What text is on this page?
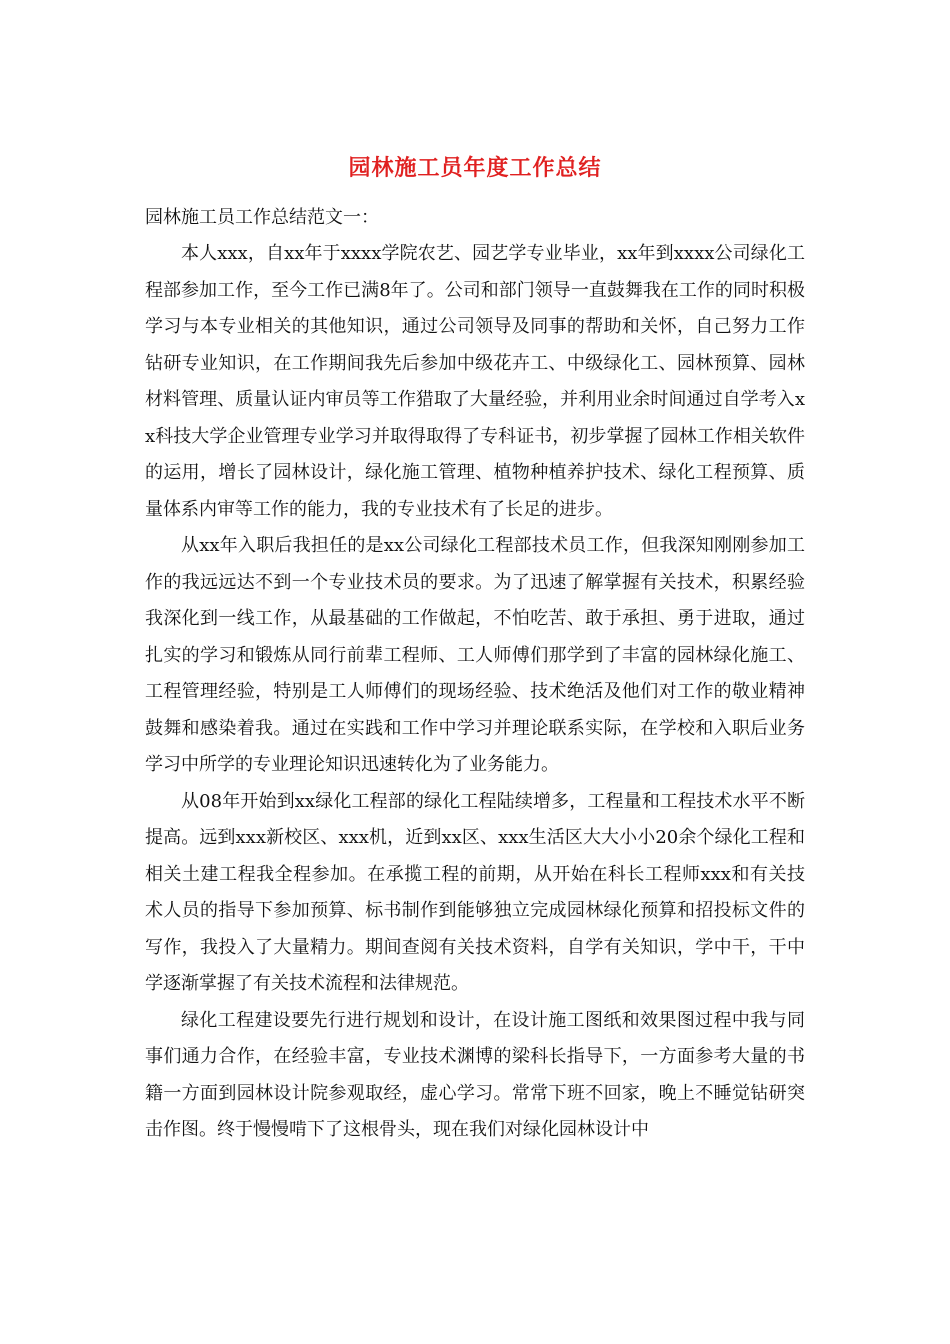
园林施工员年度工作总结

园林施工员工作总结范文一：

本人xxx，自xx年于xxxx学院农艺、园艺学专业毕业，xx年到xxxx公司绿化工程部参加工作，至今工作已满8年了。公司和部门领导一直鼓舞我在工作的同时积极学习与本专业相关的其他知识，通过公司领导及同事的帮助和关怀，自己努力工作钻研专业知识，在工作期间我先后参加中级花卉工、中级绿化工、园林预算、园林材料管理、质量认证内审员等工作猎取了大量经验，并利用业余时间通过自学考入xx科技大学企业管理专业学习并取得取得了专科证书，初步掌握了园林工作相关软件的运用，增长了园林设计，绿化施工管理、植物种植养护技术、绿化工程预算、质量体系内审等工作的能力，我的专业技术有了长足的进步。

从xx年入职后我担任的是xx公司绿化工程部技术员工作，但我深知刚刚参加工作的我远远达不到一个专业技术员的要求。为了迅速了解掌握有关技术，积累经验我深化到一线工作，从最基础的工作做起，不怕吃苦、敢于承担、勇于进取，通过扎实的学习和锻炼从同行前辈工程师、工人师傅们那学到了丰富的园林绿化施工、工程管理经验，特别是工人师傅们的现场经验、技术绝活及他们对工作的敬业精神鼓舞和感染着我。通过在实践和工作中学习并理论联系实际，在学校和入职后业务学习中所学的专业理论知识迅速转化为了业务能力。

从08年开始到xx绿化工程部的绿化工程陆续增多，工程量和工程技术水平不断提高。远到xxx新校区、xxx机，近到xx区、xxx生活区大大小小20余个绿化工程和相关土建工程我全程参加。在承揽工程的前期，从开始在科长工程师xxx和有关技术人员的指导下参加预算、标书制作到能够独立完成园林绿化预算和招投标文件的写作，我投入了大量精力。期间查阅有关技术资料，自学有关知识，学中干，干中学逐渐掌握了有关技术流程和法律规范。

绿化工程建设要先行进行规划和设计，在设计施工图纸和效果图过程中我与同事们通力合作，在经验丰富，专业技术渊博的梁科长指导下，一方面参考大量的书籍一方面到园林设计院参观取经，虚心学习。常常下班不回家，晚上不睡觉钻研突击作图。终于慢慢啃下了这根骨头，现在我们对绿化园林设计中
